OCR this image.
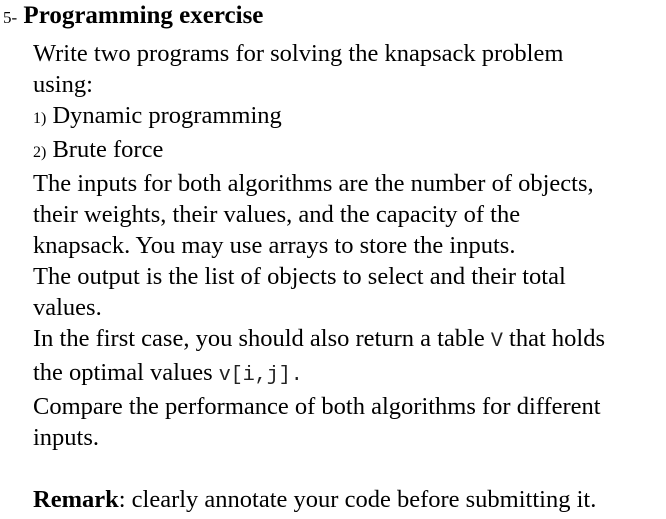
5- Programming exercise
Write two programs for solving the knapsack problem
using:
1) Dynamic programming
2) Brute force
The inputs for both algorithms are the number of objects,
their weights, their values, and the capacity of the
knapsack. You may use arrays to store the inputs.
The output is the list of objects to select and their total
values.
In the first case, you should also return a table V that holds
the optimal values v[i,j].
Compare the performance of both algorithms for different
inputs.
Remark: clearly annotate your code before submitting it.
